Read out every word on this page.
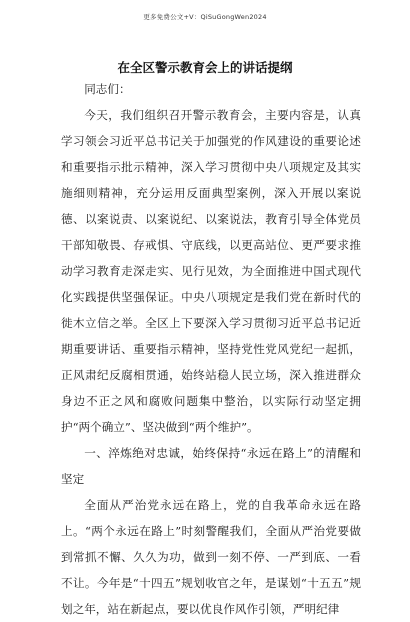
更多免费公文+V：QiSuGongWen2024
在全区警示教育会上的讲话提纲

同志们：

今天，我们组织召开警示教育会，主要内容是，认真学习领会习近平总书记关于加强党的作风建设的重要论述和重要指示批示精神，深入学习贯彻中央八项规定及其实施细则精神，充分运用反面典型案例，深入开展以案说德、以案说责、以案说纪、以案说法，教育引导全体党员干部知敬畏、存戒惧、守底线，以更高站位、更严要求推动学习教育走深走实、见行见效，为全面推进中国式现代化实践提供坚强保证。中央八项规定是我们党在新时代的徙木立信之举。全区上下要深入学习贯彻习近平总书记近期重要讲话、重要指示精神，坚持党性党风党纪一起抓，正风肃纪反腐相贯通，始终站稳人民立场，深入推进群众身边不正之风和腐败问题集中整治，以实际行动坚定拥护“两个确立”、坚决做到“两个维护”。

一、淬炼绝对忠诚，始终保持“永远在路上”的清醒和坚定

全面从严治党永远在路上，党的自我革命永远在路上。“两个永远在路上”时刻警醒我们，全面从严治党要做到常抓不懈、久久为功，做到一刻不停、一严到底、一看不让。今年是“十四五”规划收官之年，是谋划“十五五”规划之年，站在新起点，要以优良作风作引领，严明纪律
